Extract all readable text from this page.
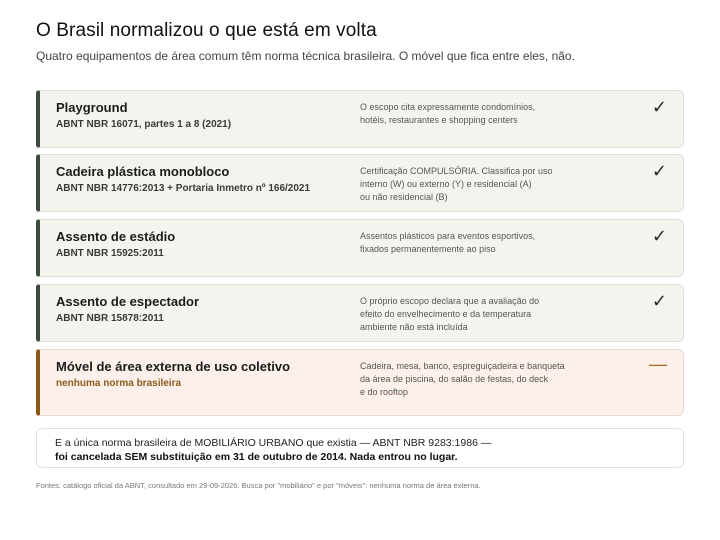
O Brasil normalizou o que está em volta
Quatro equipamentos de área comum têm norma técnica brasileira. O móvel que fica entre eles, não.
Playground
ABNT NBR 16071, partes 1 a 8 (2021)
O escopo cita expressamente condomínios,
hotéis, restaurantes e shopping centers
✓
Cadeira plástica monobloco
ABNT NBR 14776:2013 + Portaria Inmetro nº 166/2021
Certificação COMPULSÓRIA. Classifica por uso
interno (W) ou externo (Y) e residencial (A)
ou não residencial (B)
✓
Assento de estádio
ABNT NBR 15925:2011
Assentos plásticos para eventos esportivos,
fixados permanentemente ao piso
✓
Assento de espectador
ABNT NBR 15878:2011
O próprio escopo declara que a avaliação do
efeito do envelhecimento e da temperatura
ambiente não está incluída
✓
Móvel de área externa de uso coletivo
nenhuma norma brasileira
Cadeira, mesa, banco, espreguiçadeira e banqueta
da área de piscina, do salão de festas, do deck
e do rooftop
—
E a única norma brasileira de MOBILIÁRIO URBANO que existia — ABNT NBR 9283:1986 —
foi cancelada SEM substituição em 31 de outubro de 2014. Nada entrou no lugar.
Fontes: catálogo oficial da ABNT, consultado em 29-09-2026. Busca por "mobiliário" e por "móveis": nenhuma norma de área externa.
